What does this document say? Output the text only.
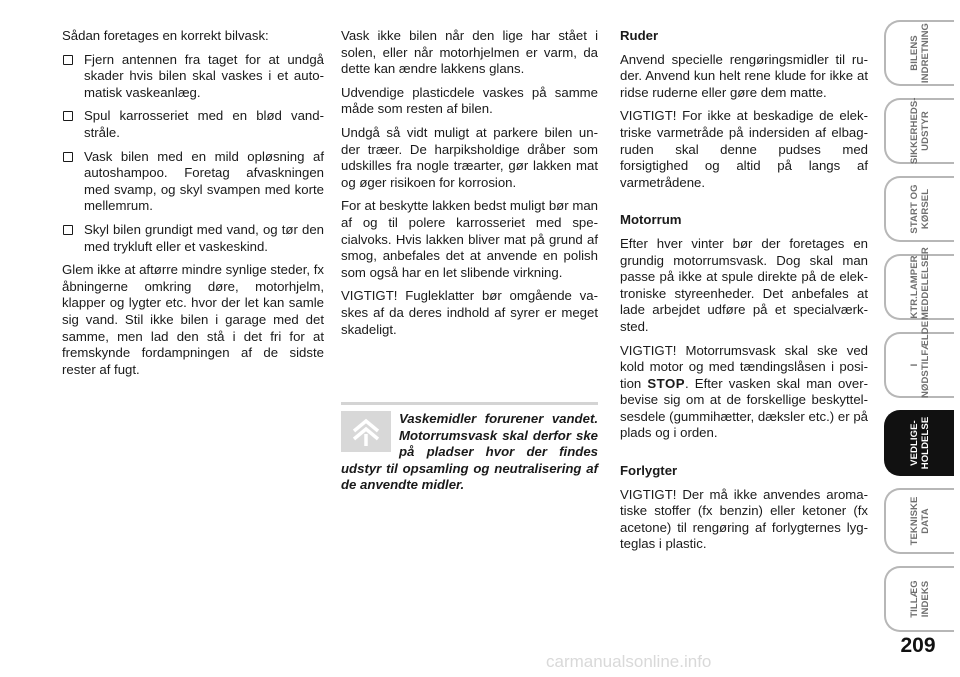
Sådan foretages en korrekt bilvask:

Fjern antennen fra taget for at undgå skader hvis bilen skal vaskes i et auto- matisk vaskeanlæg.
Spul karrosseriet med en blød vand- stråle.
Vask bilen med en mild opløsning af autoshampoo. Foretag afvaskningen med svamp, og skyl svampen med korte mellemrum.
Skyl bilen grundigt med vand, og tør den med trykluft eller et vaskeskind.

Glem ikke at aftørre mindre synlige steder, fx åbningerne omkring døre, motorhjelm, klapper og lygter etc. hvor der let kan samle sig vand. Stil ikke bilen i garage med det samme, men lad den stå i det fri for at fremskynde fordampningen af de sidste rester af fugt.

Vask ikke bilen når den lige har stået i solen, eller når motorhjelmen er varm, da dette kan ændre lakkens glans.

Udvendige plasticdele vaskes på samme måde som resten af bilen.

Undgå så vidt muligt at parkere bilen un- der træer. De harpiksholdige dråber som udskilles fra nogle træarter, gør lakken mat og øger risikoen for korrosion.

For at beskytte lakken bedst muligt bør man af og til polere karrosseriet med spe- cialvoks. Hvis lakken bliver mat på grund af smog, anbefales det at anvende en polish som også har en let slibende virkning.

VIGTIGT! Fugleklatter bør omgående va- skes af da deres indhold af syrer er meget skadeligt.

Vaskemidler forurener vandet. Motorrumsvask skal derfor ske på pladser hvor der findes udstyr til opsamling og neutralisering af de anvendte midler.

Ruder

Anvend specielle rengøringsmidler til ru- der. Anvend kun helt rene klude for ikke at ridse ruderne eller gøre dem matte.

VIGTIGT! For ikke at beskadige de elek- triske varmetråde på indersiden af elbag- ruden skal denne pudses med forsigtighed og altid på langs af varmetrådene.

Motorrum

Efter hver vinter bør der foretages en grundig motorrumsvask. Dog skal man passe på ikke at spule direkte på de elek- troniske styreenheder. Det anbefales at lade arbejdet udføre på et specialværk- sted.

VIGTIGT! Motorrumsvask skal ske ved kold motor og med tændingslåsen i posi- tion STOP. Efter vasken skal man over- bevise sig om at de forskellige beskyttel- sesdele (gummihætter, dæksler etc.) er på plads og i orden.

Forlygter

VIGTIGT! Der må ikke anvendes aroma- tiske stoffer (fx benzin) eller ketoner (fx acetone) til rengøring af forlygternes lyg- teglas i plastic.

BILENS
INDRETNING
SIKKERHEDS-
UDSTYR
START OG
KØRSEL
KTR.LAMPER
MEDDELELSER
I
NØDSTILFÆLDE
VEDLIGE-
HOLDELSE
TEKNISKE DATA
TILLÆG
INDEKS
209
carmanualsonline.info
